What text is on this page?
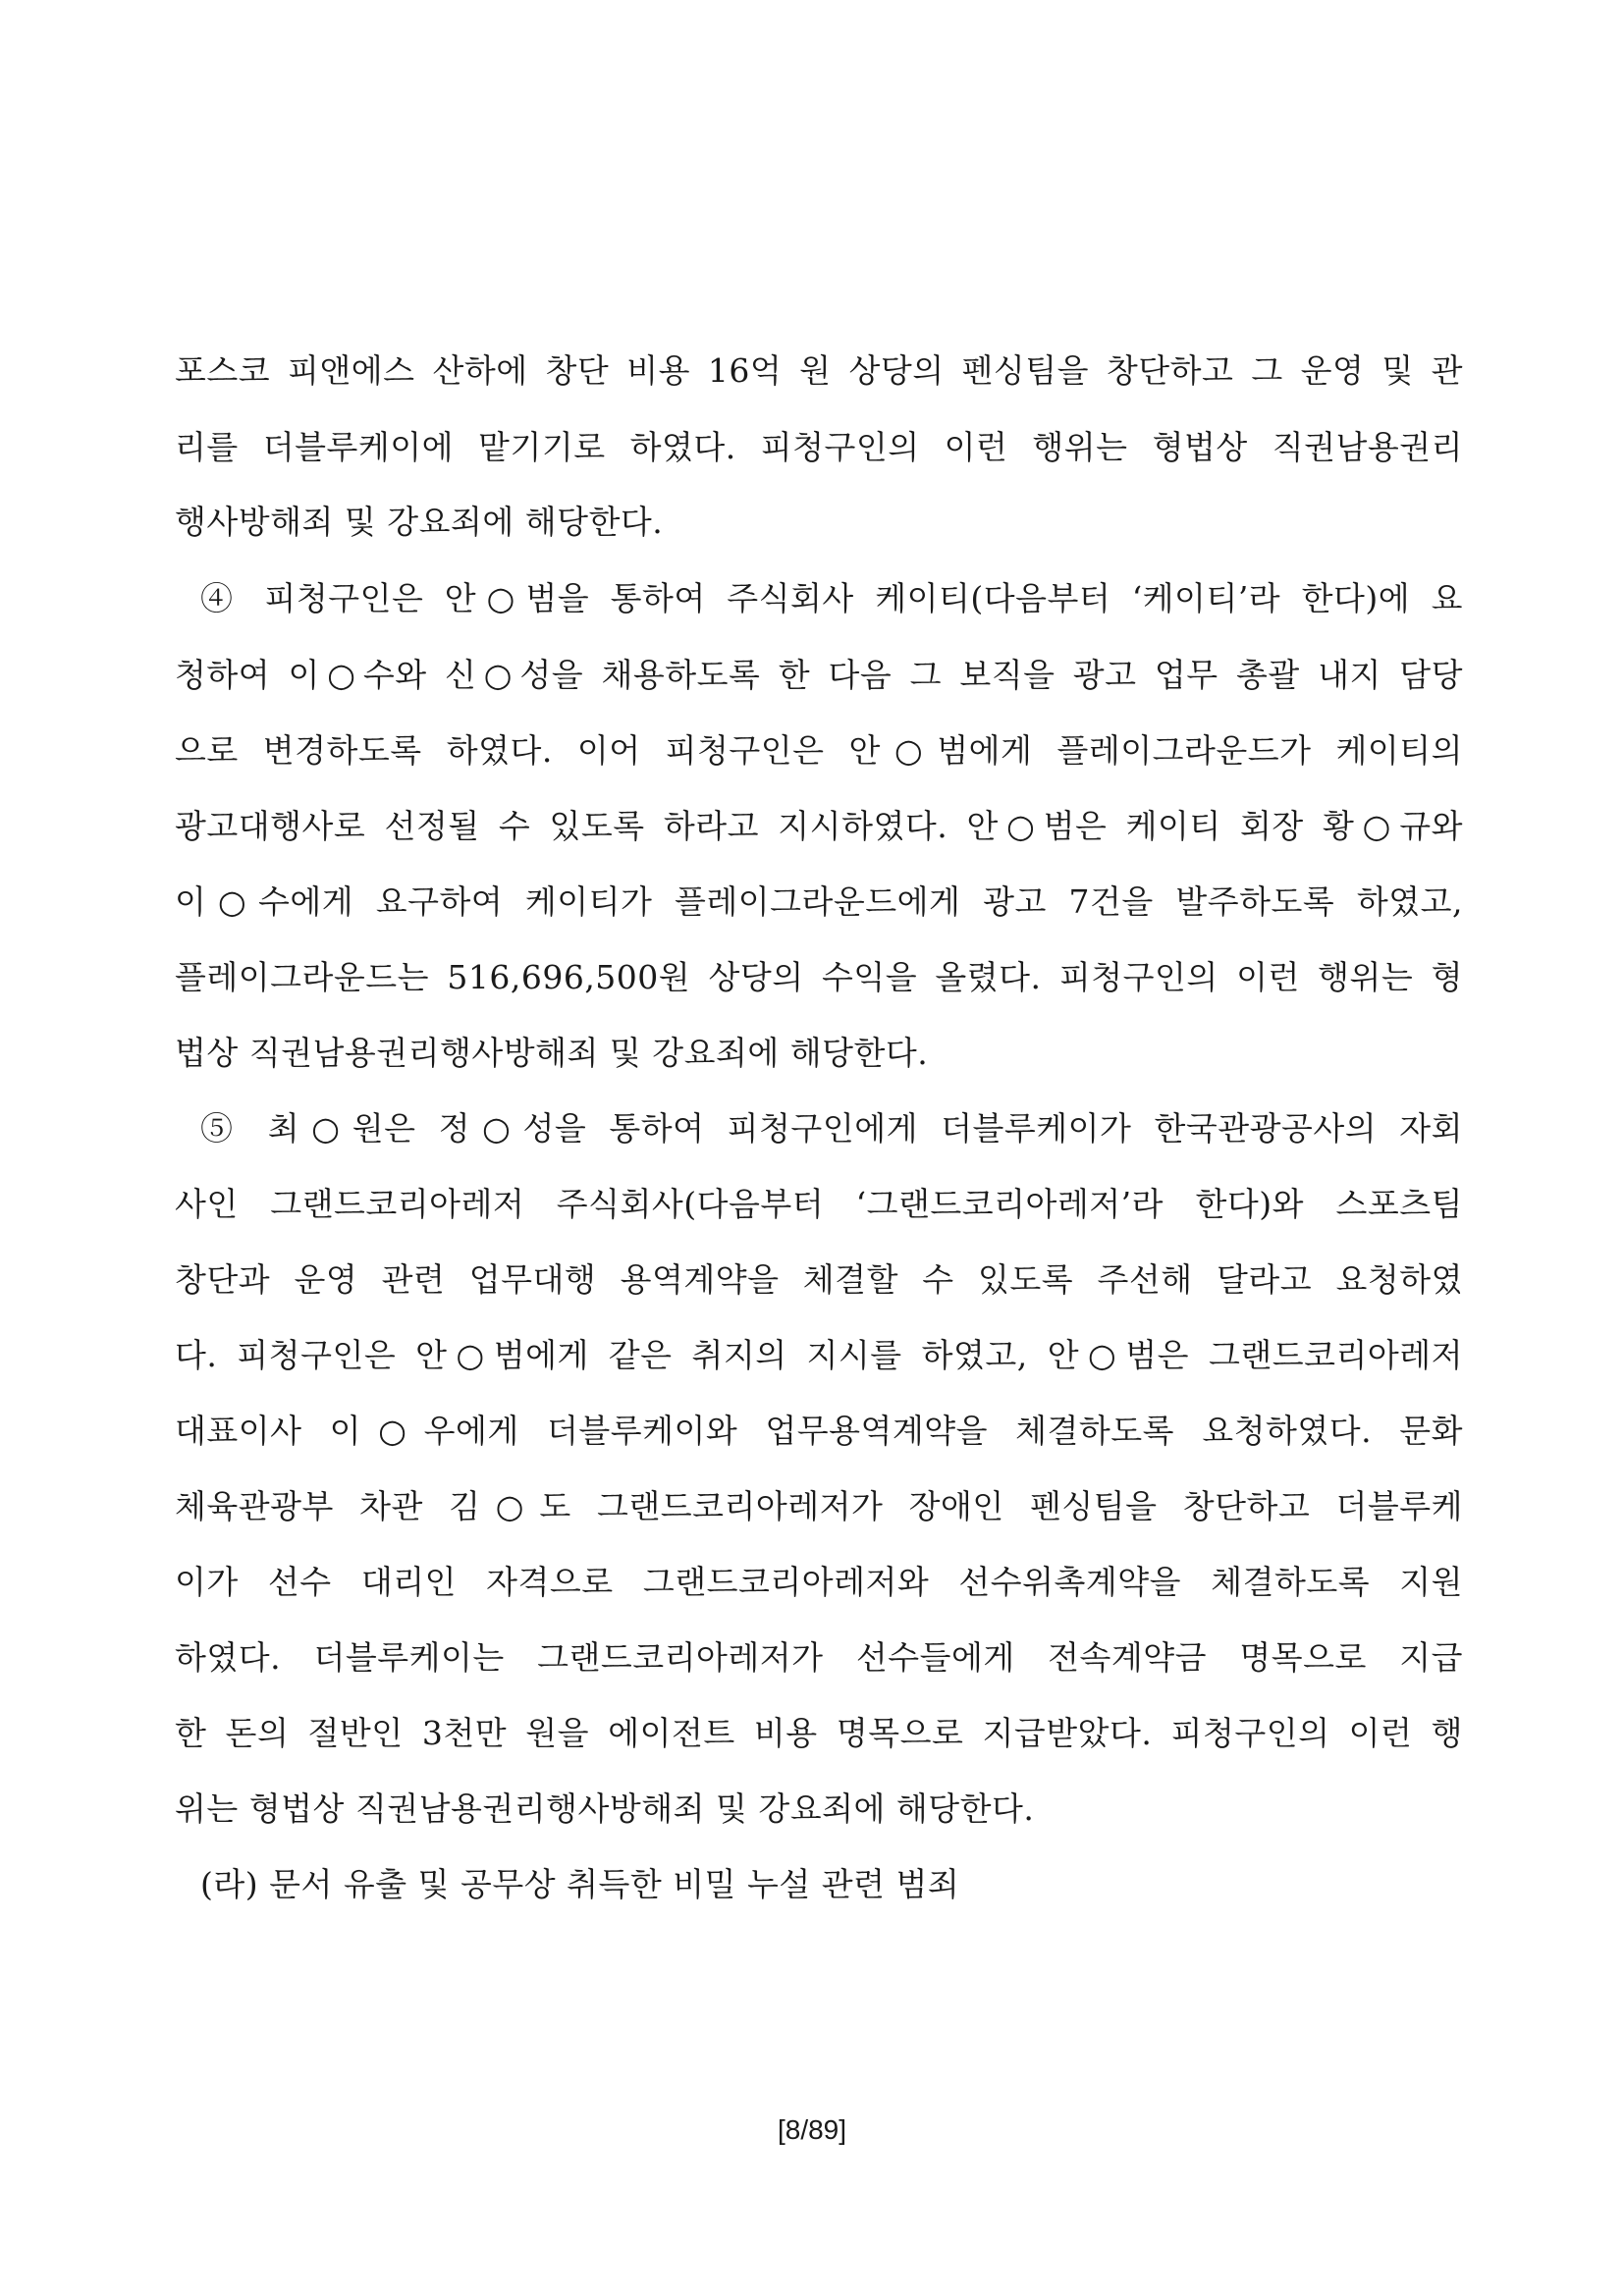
포스코 피앤에스 산하에 창단 비용 16억 원 상당의 펜싱팀을 창단하고 그 운영 및 관

리를 더블루케이에 맡기기로 하였다. 피청구인의 이런 행위는 형법상 직권남용권리

행사방해죄 및 강요죄에 해당한다.

④ 피청구인은 안○범을 통하여 주식회사 케이티(다음부터 ‘케이티’라 한다)에 요

청하여 이○수와 신○성을 채용하도록 한 다음 그 보직을 광고 업무 총괄 내지 담당

으로 변경하도록 하였다. 이어 피청구인은 안○범에게 플레이그라운드가 케이티의

광고대행사로 선정될 수 있도록 하라고 지시하였다. 안○범은 케이티 회장 황○규와

이○수에게 요구하여 케이티가 플레이그라운드에게 광고 7건을 발주하도록 하였고,

플레이그라운드는 516,696,500원 상당의 수익을 올렸다. 피청구인의 이런 행위는 형

법상 직권남용권리행사방해죄 및 강요죄에 해당한다.

⑤ 최○원은 정○성을 통하여 피청구인에게 더블루케이가 한국관광공사의 자회

사인 그랜드코리아레저 주식회사(다음부터 ‘그랜드코리아레저’라 한다)와 스포츠팀

창단과 운영 관련 업무대행 용역계약을 체결할 수 있도록 주선해 달라고 요청하였

다. 피청구인은 안○범에게 같은 취지의 지시를 하였고, 안○범은 그랜드코리아레저

대표이사 이○우에게 더블루케이와 업무용역계약을 체결하도록 요청하였다. 문화

체육관광부 차관 김○도 그랜드코리아레저가 장애인 펜싱팀을 창단하고 더블루케

이가 선수 대리인 자격으로 그랜드코리아레저와 선수위촉계약을 체결하도록 지원

하였다. 더블루케이는 그랜드코리아레저가 선수들에게 전속계약금 명목으로 지급

한 돈의 절반인 3천만 원을 에이전트 비용 명목으로 지급받았다. 피청구인의 이런 행

위는 형법상 직권남용권리행사방해죄 및 강요죄에 해당한다.

(라) 문서 유출 및 공무상 취득한 비밀 누설 관련 범죄

[8/89]
